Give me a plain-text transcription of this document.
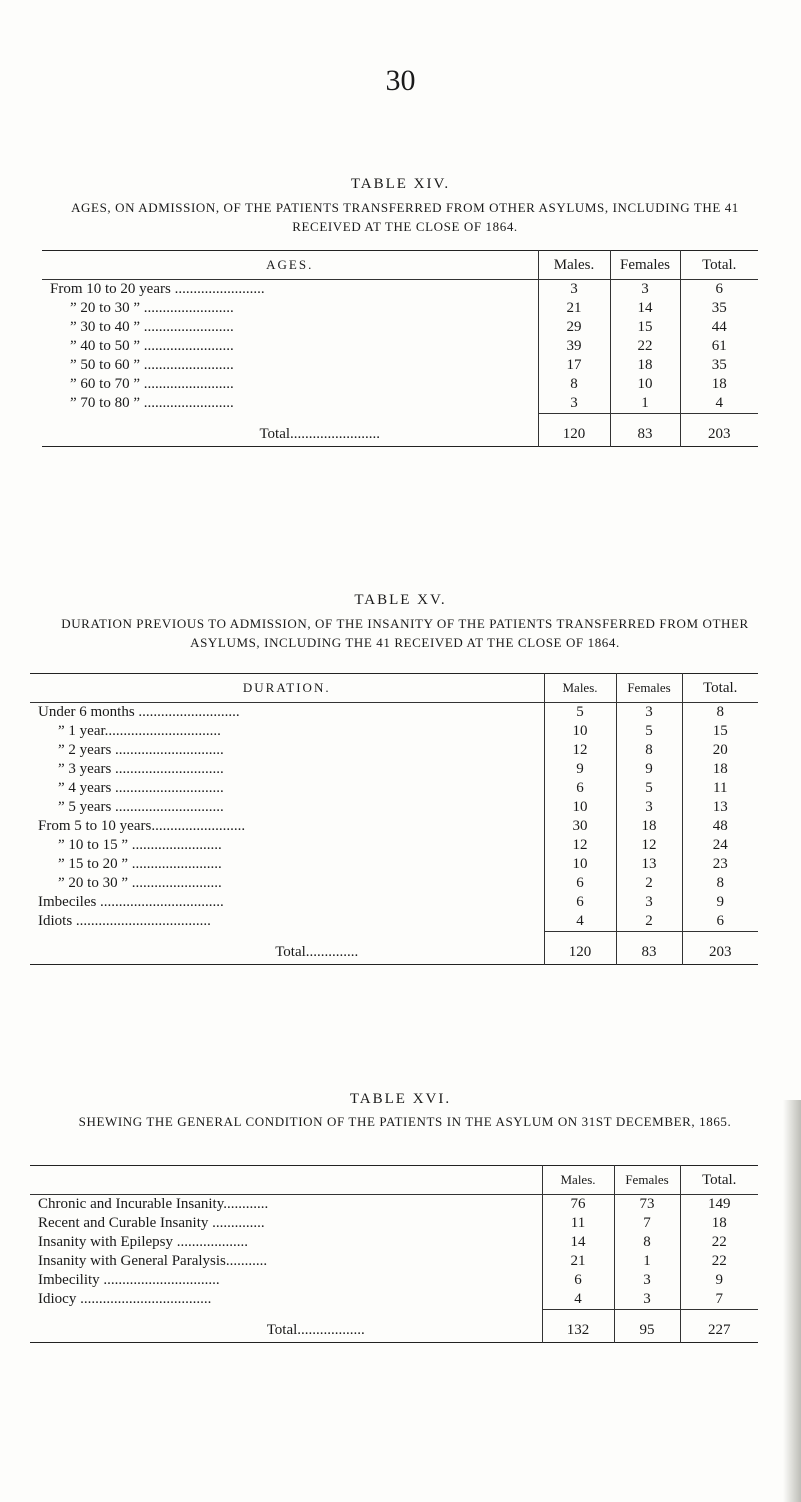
30
TABLE XIV.
AGES, ON ADMISSION, OF THE PATIENTS TRANSFERRED FROM OTHER ASYLUMS, INCLUDING THE 41 RECEIVED AT THE CLOSE OF 1864.
AGES.	Males.	Females	Total.
From 10 to 20 years ........................	3	3	6
” 20 to 30 ” ........................	21	14	35
” 30 to 40 ” ........................	29	15	44
” 40 to 50 ” ........................	39	22	61
” 50 to 60 ” ........................	17	18	35
” 60 to 70 ” ........................	8	10	18
” 70 to 80 ” ........................	3	1	4
Total........................	120	83	203
TABLE XV.
DURATION PREVIOUS TO ADMISSION, OF THE INSANITY OF THE PATIENTS TRANSFERRED FROM OTHER ASYLUMS, INCLUDING THE 41 RECEIVED AT THE CLOSE OF 1864.
DURATION.	Males.	Females	Total.
Under 6 months ...........................	5	3	8
” 1 year...............................	10	5	15
” 2 years .............................	12	8	20
” 3 years .............................	9	9	18
” 4 years .............................	6	5	11
” 5 years .............................	10	3	13
From 5 to 10 years.........................	30	18	48
” 10 to 15 ” ........................	12	12	24
” 15 to 20 ” ........................	10	13	23
” 20 to 30 ” ........................	6	2	8
Imbeciles .................................	6	3	9
Idiots ....................................	4	2	6
Total..............	120	83	203
TABLE XVI.
SHEWING THE GENERAL CONDITION OF THE PATIENTS IN THE ASYLUM ON 31ST DECEMBER, 1865.
	Males.	Females	Total.
Chronic and Incurable Insanity............	76	73	149
Recent and Curable Insanity ..............	11	7	18
Insanity with Epilepsy ...................	14	8	22
Insanity with General Paralysis...........	21	1	22
Imbecility ...............................	6	3	9
Idiocy ...................................	4	3	7
Total..................	132	95	227
